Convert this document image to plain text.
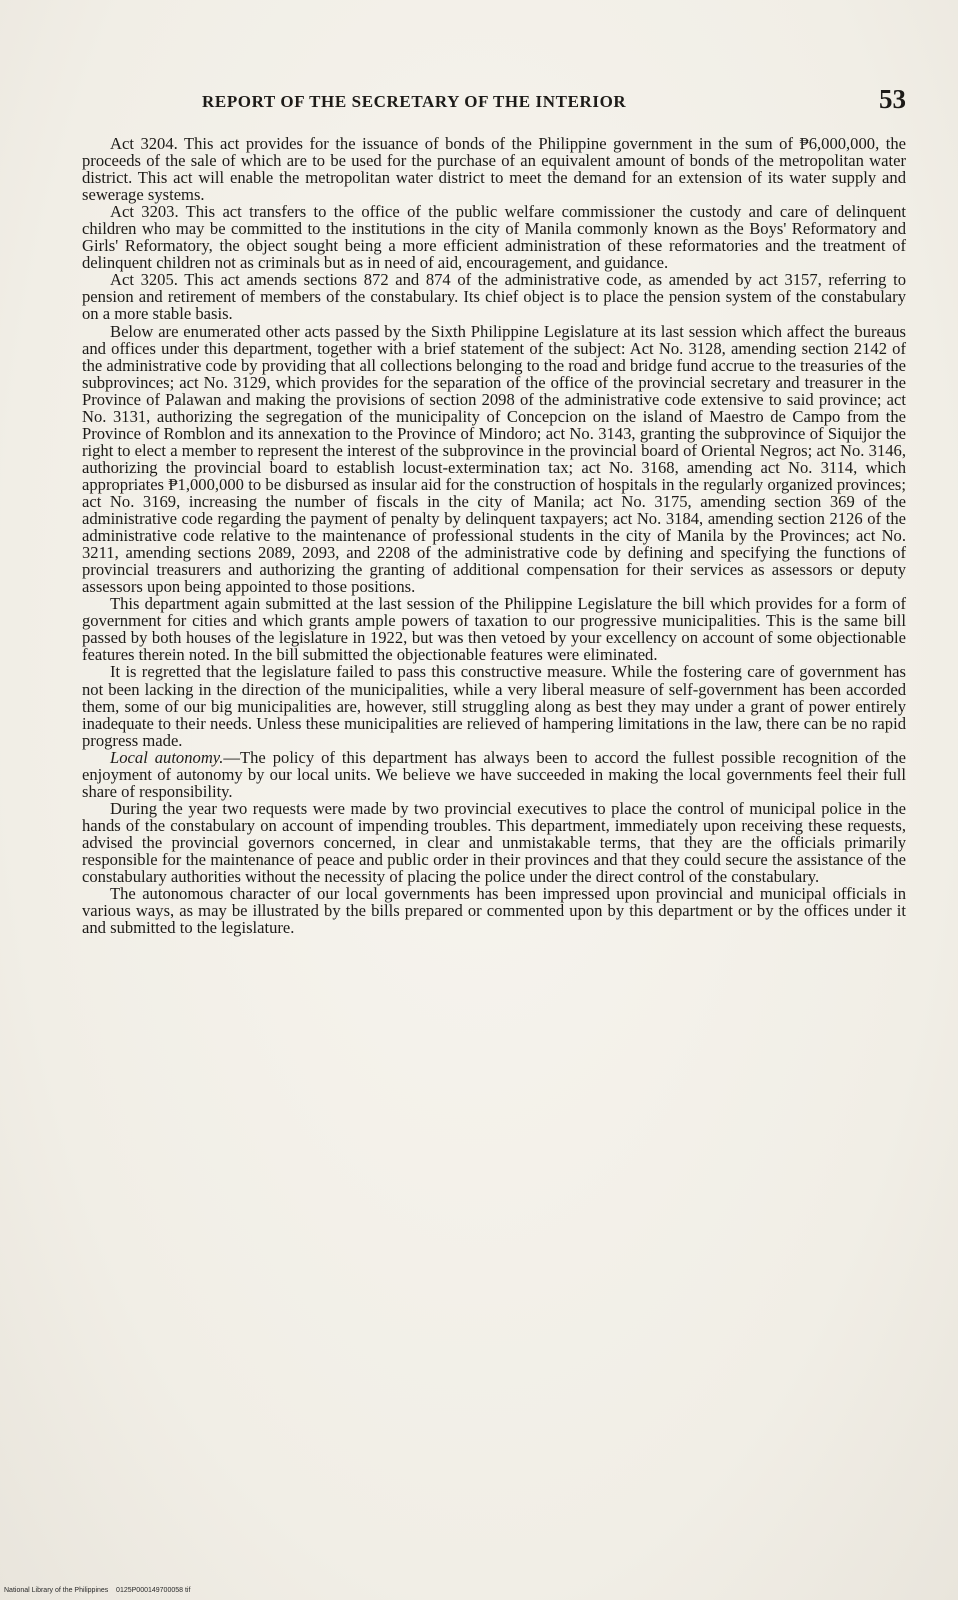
REPORT OF THE SECRETARY OF THE INTERIOR	53

Act 3204. This act provides for the issuance of bonds of the Philippine government in the sum of ₱6,000,000, the proceeds of the sale of which are to be used for the purchase of an equivalent amount of bonds of the metropolitan water district. This act will enable the metropolitan water district to meet the demand for an extension of its water supply and sewerage systems.

Act 3203. This act transfers to the office of the public welfare commissioner the custody and care of delinquent children who may be committed to the institutions in the city of Manila commonly known as the Boys' Reformatory and Girls' Reformatory, the object sought being a more efficient administration of these reformatories and the treatment of delinquent children not as criminals but as in need of aid, encouragement, and guidance.

Act 3205. This act amends sections 872 and 874 of the administrative code, as amended by act 3157, referring to pension and retirement of members of the constabulary. Its chief object is to place the pension system of the constabulary on a more stable basis.

Below are enumerated other acts passed by the Sixth Philippine Legislature at its last session which affect the bureaus and offices under this department, together with a brief statement of the subject: Act No. 3128, amending section 2142 of the administrative code by providing that all collections belonging to the road and bridge fund accrue to the treasuries of the subprovinces; act No. 3129, which provides for the separation of the office of the provincial secretary and treasurer in the Province of Palawan and making the provisions of section 2098 of the administrative code extensive to said province; act No. 3131, authorizing the segregation of the municipality of Concepcion on the island of Maestro de Campo from the Province of Romblon and its annexation to the Province of Mindoro; act No. 3143, granting the subprovince of Siquijor the right to elect a member to represent the interest of the subprovince in the provincial board of Oriental Negros; act No. 3146, authorizing the provincial board to establish locust-extermination tax; act No. 3168, amending act No. 3114, which appropriates ₱1,000,000 to be disbursed as insular aid for the construction of hospitals in the regularly organized provinces; act No. 3169, increasing the number of fiscals in the city of Manila; act No. 3175, amending section 369 of the administrative code regarding the payment of penalty by delinquent taxpayers; act No. 3184, amending section 2126 of the administrative code relative to the maintenance of professional students in the city of Manila by the Provinces; act No. 3211, amending sections 2089, 2093, and 2208 of the administrative code by defining and specifying the functions of provincial treasurers and authorizing the granting of additional compensation for their services as assessors or deputy assessors upon being appointed to those positions.

This department again submitted at the last session of the Philippine Legislature the bill which provides for a form of government for cities and which grants ample powers of taxation to our progressive municipalities. This is the same bill passed by both houses of the legislature in 1922, but was then vetoed by your excellency on account of some objectionable features therein noted. In the bill submitted the objectionable features were eliminated.

It is regretted that the legislature failed to pass this constructive measure. While the fostering care of government has not been lacking in the direction of the municipalities, while a very liberal measure of self-government has been accorded them, some of our big municipalities are, however, still struggling along as best they may under a grant of power entirely inadequate to their needs. Unless these municipalities are relieved of hampering limitations in the law, there can be no rapid progress made.

Local autonomy.—The policy of this department has always been to accord the fullest possible recognition of the enjoyment of autonomy by our local units. We believe we have succeeded in making the local governments feel their full share of responsibility.

During the year two requests were made by two provincial executives to place the control of municipal police in the hands of the constabulary on account of impending troubles. This department, immediately upon receiving these requests, advised the provincial governors concerned, in clear and unmistakable terms, that they are the officials primarily responsible for the maintenance of peace and public order in their provinces and that they could secure the assistance of the constabulary authorities without the necessity of placing the police under the direct control of the constabulary.

The autonomous character of our local governments has been impressed upon provincial and municipal officials in various ways, as may be illustrated by the bills prepared or commented upon by this department or by the offices under it and submitted to the legislature.

National Library of the Philippines    0125P000149700058 tif
